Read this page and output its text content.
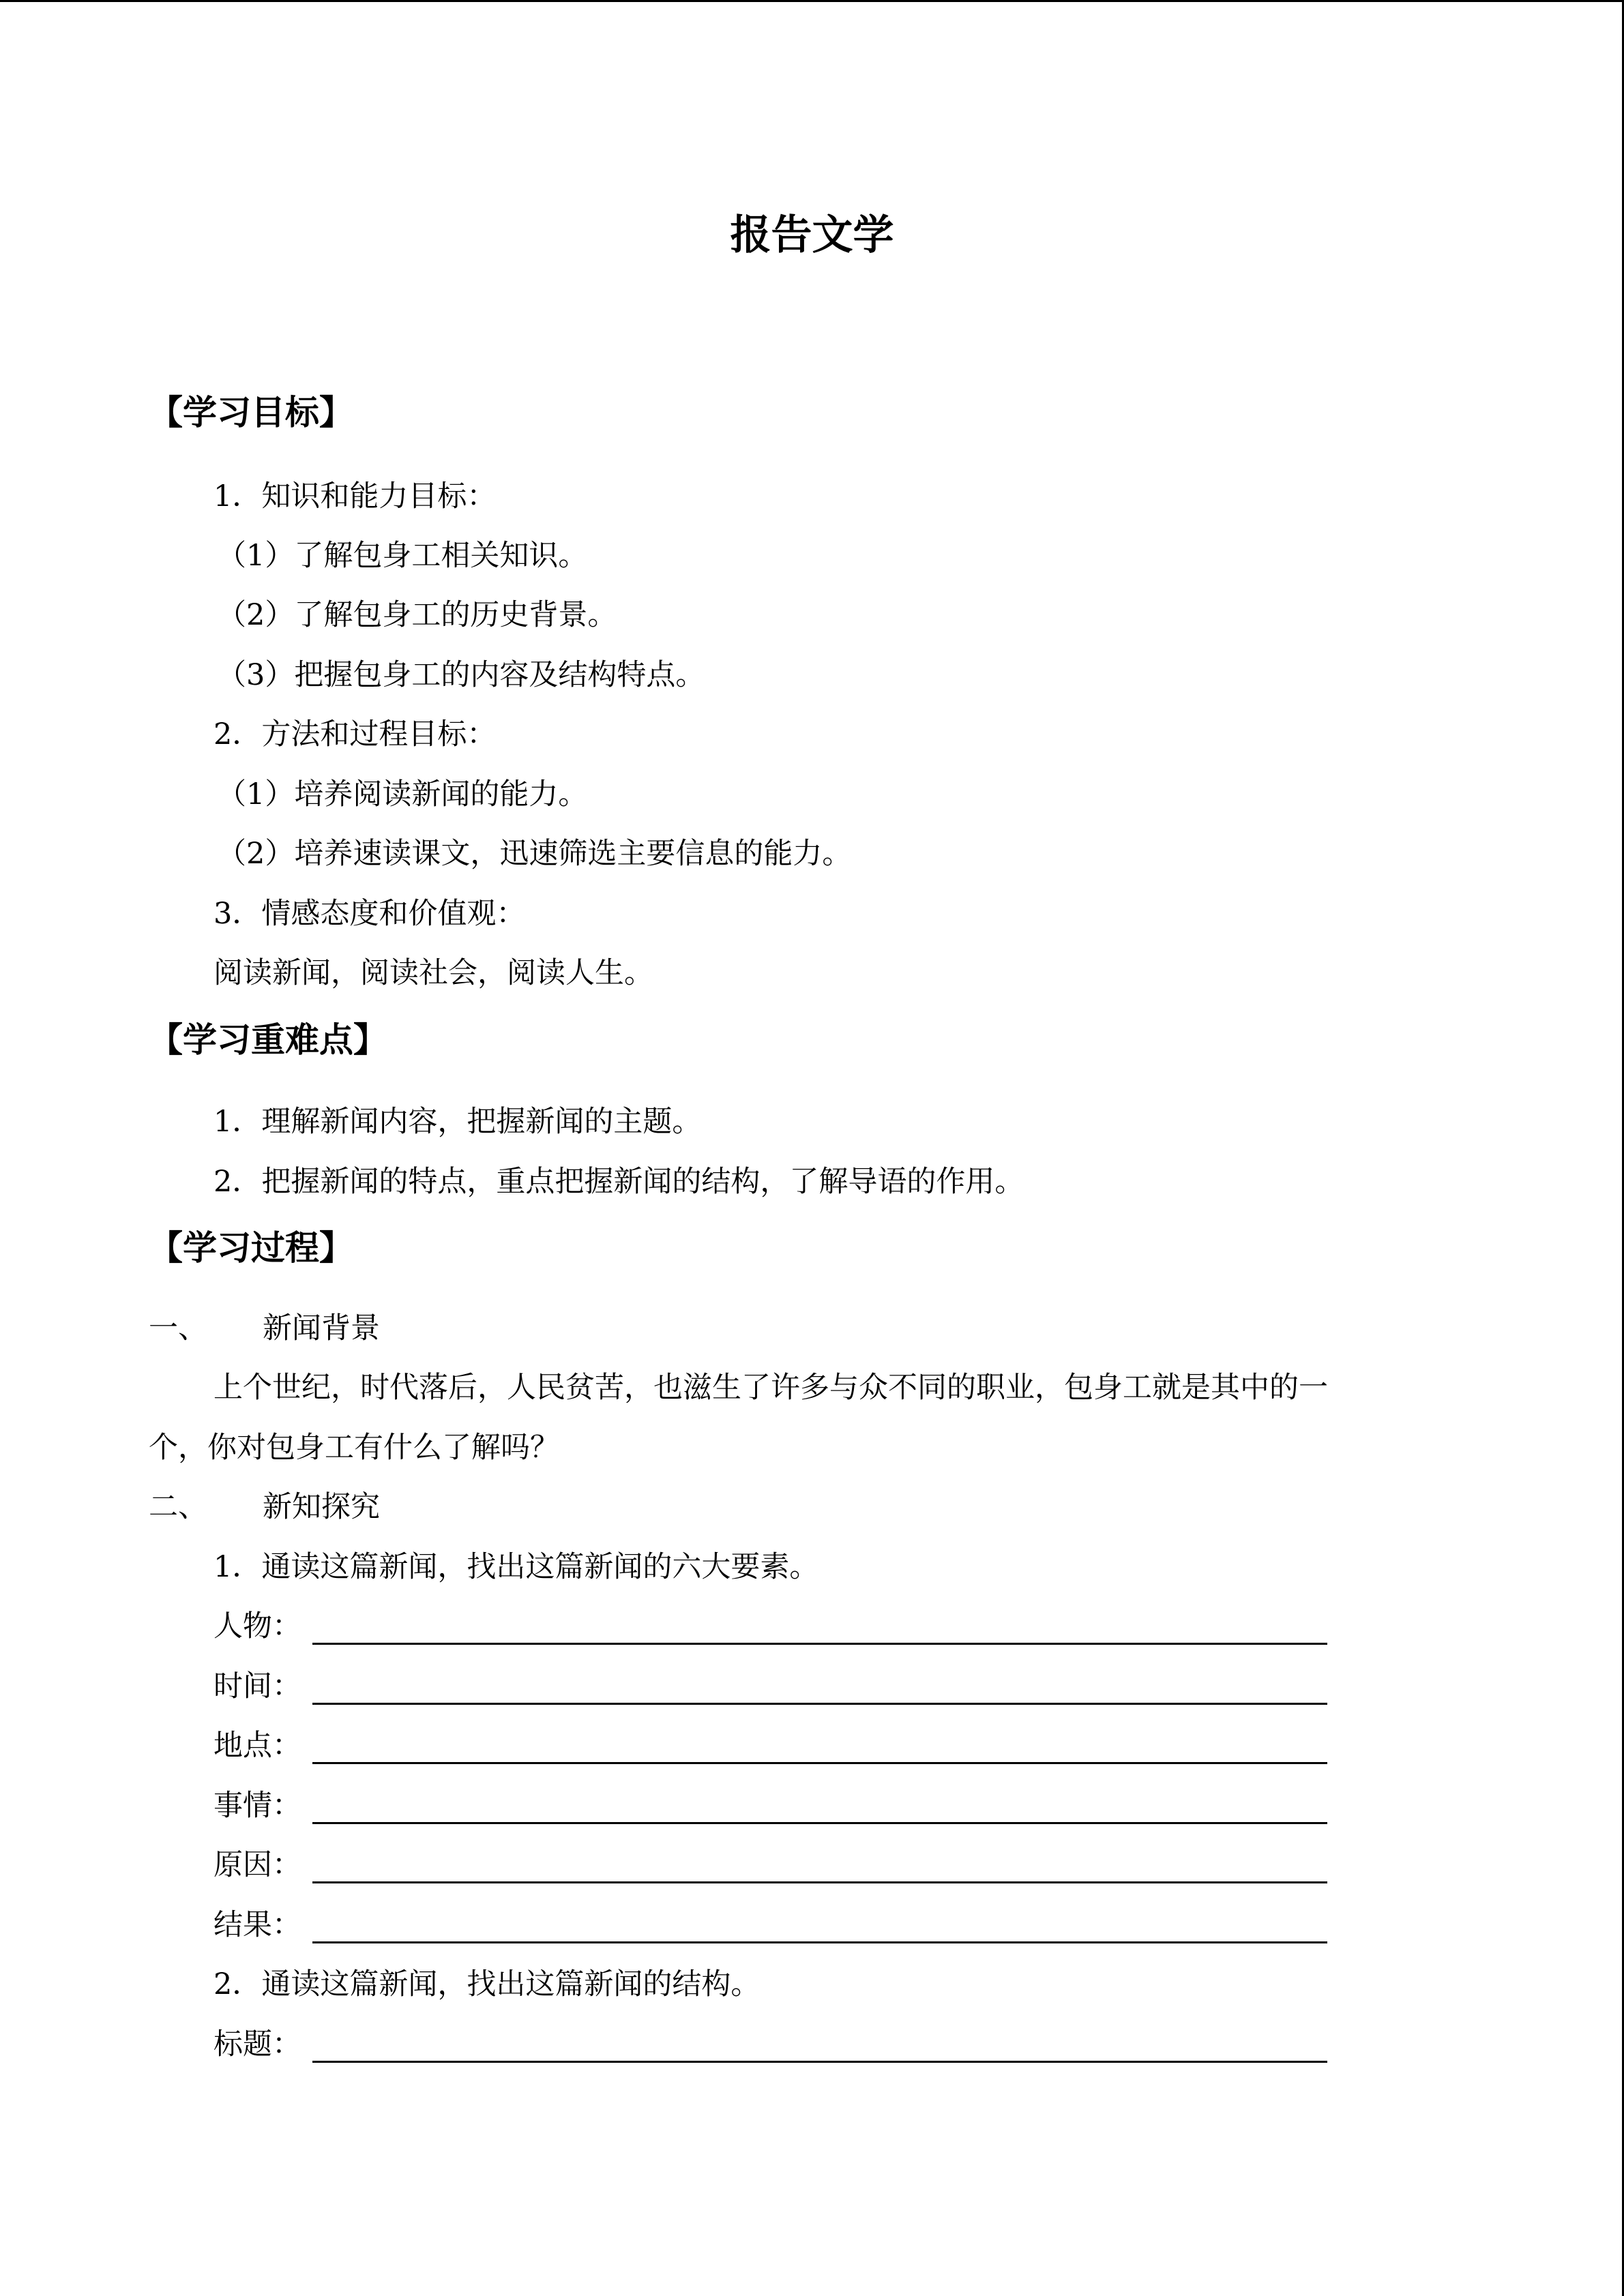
报告文学
【学习目标】
1．知识和能力目标：
（1）了解包身工相关知识。
（2）了解包身工的历史背景。
（3）把握包身工的内容及结构特点。
2．方法和过程目标：
（1）培养阅读新闻的能力。
（2）培养速读课文，迅速筛选主要信息的能力。
3．情感态度和价值观：
阅读新闻，阅读社会，阅读人生。
【学习重难点】
1．理解新闻内容，把握新闻的主题。
2．把握新闻的特点，重点把握新闻的结构，了解导语的作用。
【学习过程】
一、 新闻背景
上个世纪，时代落后，人民贫苦，也滋生了许多与众不同的职业，包身工就是其中的一
个，你对包身工有什么了解吗？
二、 新知探究
1．通读这篇新闻，找出这篇新闻的六大要素。
人物：
时间：
地点：
事情：
原因：
结果：
2．通读这篇新闻，找出这篇新闻的结构。
标题：
